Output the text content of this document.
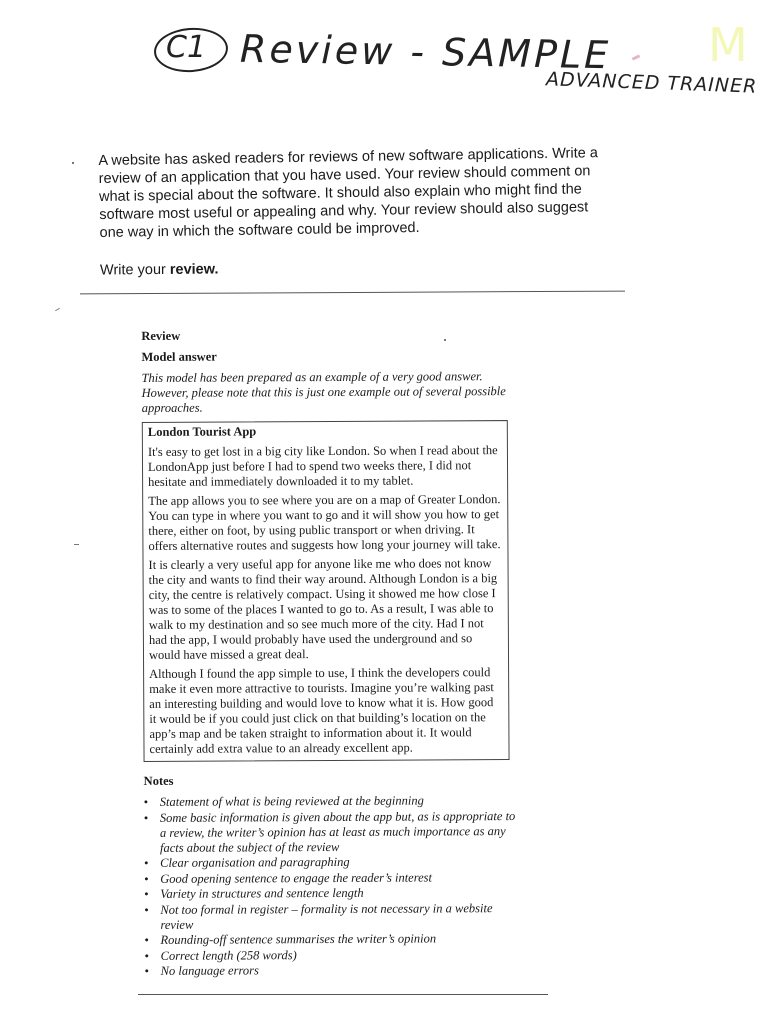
C1 Review - SAMPLE
ADVANCED TRAINER
M

A website has asked readers for reviews of new software applications. Write a review of an application that you have used. Your review should comment on what is special about the software. It should also explain who might find the software most useful or appealing and why. Your review should also suggest one way in which the software could be improved.

Write your review.
Review
Model answer

This model has been prepared as an example of a very good answer. However, please note that this is just one example out of several possible approaches.

London Tourist App

It's easy to get lost in a big city like London. So when I read about the LondonApp just before I had to spend two weeks there, I did not hesitate and immediately downloaded it to my tablet.

The app allows you to see where you are on a map of Greater London. You can type in where you want to go and it will show you how to get there, either on foot, by using public transport or when driving. It offers alternative routes and suggests how long your journey will take.

It is clearly a very useful app for anyone like me who does not know the city and wants to find their way around. Although London is a big city, the centre is relatively compact. Using it showed me how close I was to some of the places I wanted to go to. As a result, I was able to walk to my destination and so see much more of the city. Had I not had the app, I would probably have used the underground and so would have missed a great deal.

Although I found the app simple to use, I think the developers could make it even more attractive to tourists. Imagine you’re walking past an interesting building and would love to know what it is. How good it would be if you could just click on that building’s location on the app’s map and be taken straight to information about it. It would certainly add extra value to an already excellent app.

Notes

• Statement of what is being reviewed at the beginning
• Some basic information is given about the app but, as is appropriate to a review, the writer’s opinion has at least as much importance as any facts about the subject of the review
• Clear organisation and paragraphing
• Good opening sentence to engage the reader’s interest
• Variety in structures and sentence length
• Not too formal in register – formality is not necessary in a website review
• Rounding-off sentence summarises the writer’s opinion
• Correct length (258 words)
• No language errors
